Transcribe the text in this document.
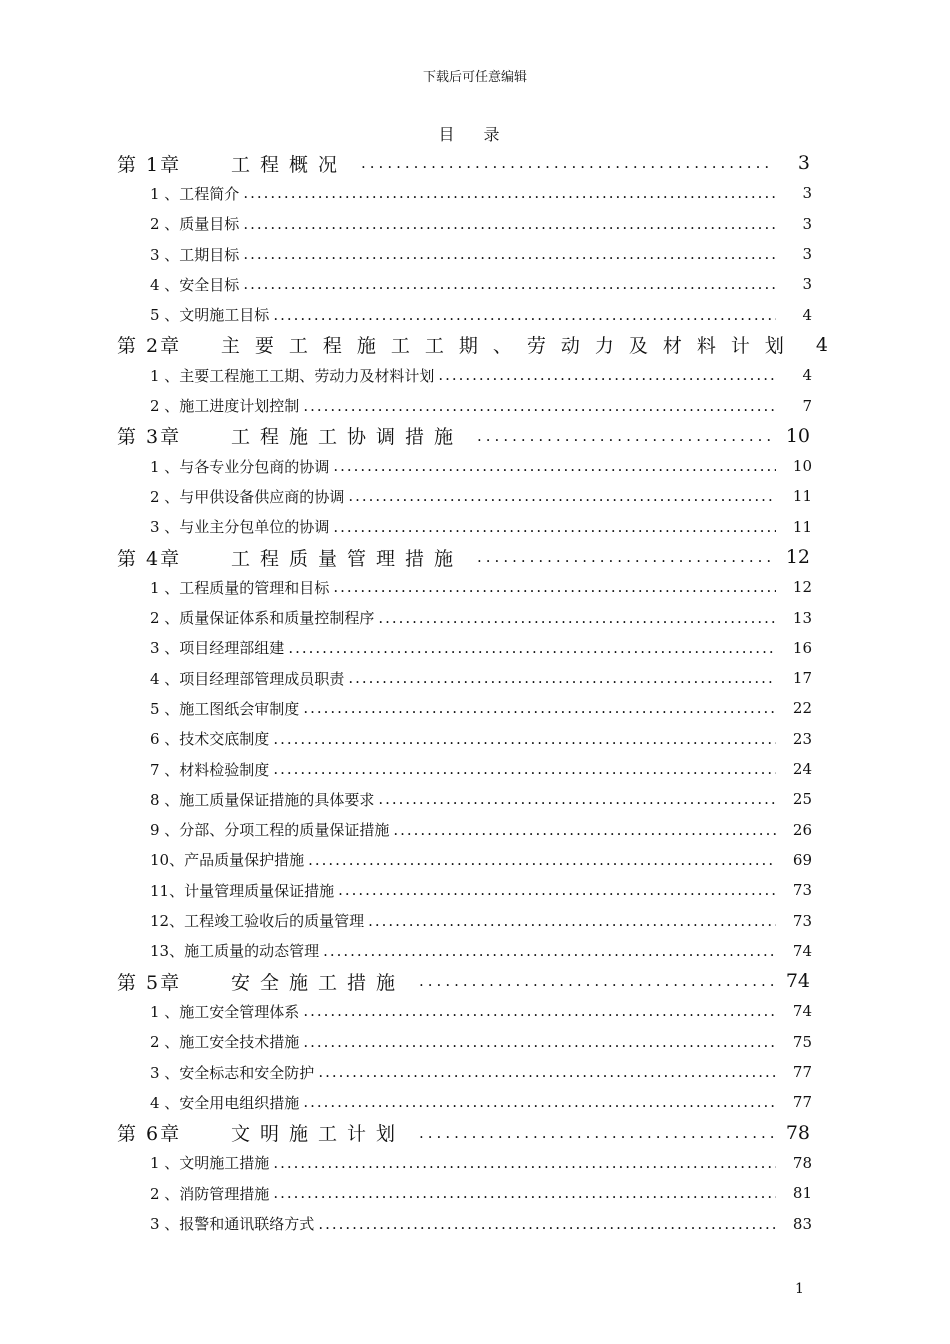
下载后可任意编辑
目 录
第 1章	工程概况 .....	3
1 、工程简介 .....	3
2 、质量目标 .....	3
3 、工期目标 .....	3
4 、安全目标 .....	3
5 、文明施工目标 .....	4
第 2章	主要工程施工工期、劳动力及材料计划 4
1 、主要工程施工工期、劳动力及材料计划 .....	4
2 、施工进度计划控制 .....	7
第 3章	工程施工协调措施 .....	10
1 、与各专业分包商的协调 .....	10
2 、与甲供设备供应商的协调 .....	11
3 、与业主分包单位的协调 .....	11
第 4章	工程质量管理措施 .....	12
1 、工程质量的管理和目标 .....	12
2 、质量保证体系和质量控制程序 .....	13
3 、项目经理部组建 .....	16
4 、项目经理部管理成员职责 .....	17
5 、施工图纸会审制度 .....	22
6 、技术交底制度 .....	23
7 、材料检验制度 .....	24
8 、施工质量保证措施的具体要求 .....	25
9 、分部、分项工程的质量保证措施 .....	26
10、产品质量保护措施 .....	69
11、计量管理质量保证措施 .....	73
12、工程竣工验收后的质量管理 .....	73
13、施工质量的动态管理 .....	74
第 5章	安全施工措施 .....	74
1 、施工安全管理体系 .....	74
2 、施工安全技术措施 .....	75
3 、安全标志和安全防护 .....	77
4 、安全用电组织措施 .....	77
第 6章	文明施工计划 .....	78
1 、文明施工措施 .....	78
2 、消防管理措施 .....	81
3 、报警和通讯联络方式 .....	83
1
